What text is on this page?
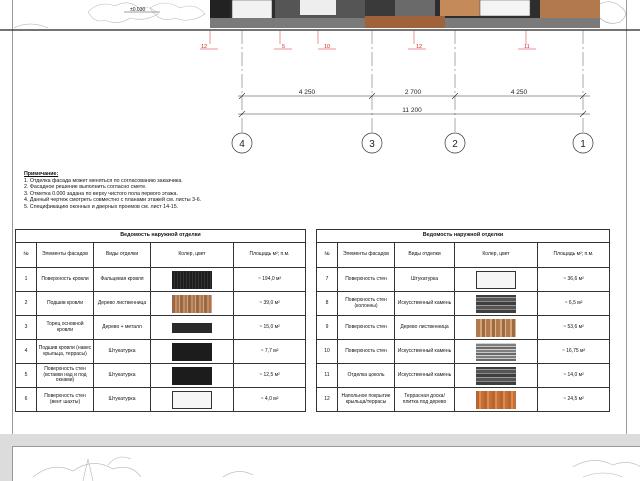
±0.030
12	5	10	12	11
4 250	2 700	4 250
11 200
4	3	2	1
Примечание:
1. Отделка фасада может меняться по согласованию заказчика.
2. Фасадное решение выполнить согласно смете.
3. Отметка 0.000 задана по верху чистого пола первого этажа.
4. Данный чертеж смотреть совместно с планами этажей см. листы 3-6.
5. Спецификацию оконных и дверных проемов см. лист 14-15.
Ведомость наружной отделки				
№	Элементы фасадов	Виды отделки	Колер, цвет	Площадь м²; п.м.
1	Поверхность кровли	Фальцевая кровля		~ 194,0 м²
2	Подшив кровли	Дерево лиственница		~ 39,0 м²
3	Торец основной кровли	Дерево + металл		~ 15,0 м²
4	Подшив кровли (навес крыльца, террасы)	Штукатурка		~ 7,7 м²
5	Поверхность стен (вставки над и под окнами)	Штукатурка		~ 12,5 м²
6	Поверхность стен (вент шахты)	Штукатурка		~ 4,0 м²
Ведомость наружной отделки				
№	Элементы фасадов	Виды отделки	Колер, цвет	Площадь м²; п.м.
7	Поверхность стен	Штукатурка		~ 36,6 м²
8	Поверхность стен (колонны)	Искусственный камень		~ 6,5 м²
9	Поверхность стен	Дерево лиственница		~ 53,6 м²
10	Поверхность стен	Искусственный камень		~ 16,75 м²
11	Отделка цоколь	Искусственный камень		~ 14,0 м²
12	Напольное покрытие крыльца/террасы	Террасная доска/ плитка под дерево		~ 24,5 м²
